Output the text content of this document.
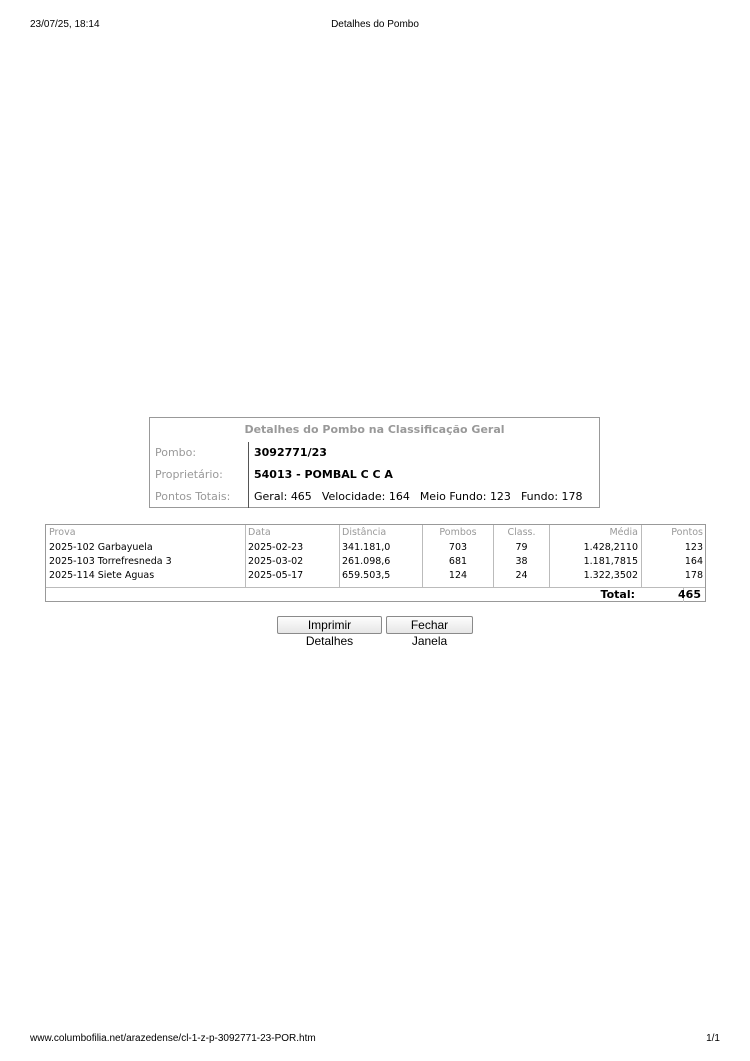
23/07/25, 18:14	Detalhes do Pombo
Detalhes do Pombo na Classificação Geral
Pombo:	3092771/23
Proprietário:	54013 - POMBAL C C A
Pontos Totais: Geral: 465 Velocidade: 164 Meio Fundo: 123 Fundo: 178
Prova	Data	Distância	Pombos	Class.	Média	Pontos
2025-102 Garbayuela	2025-02-23	341.181,0	703	79	1.428,2110	123
2025-103 Torrefresneda 3	2025-03-02	261.098,6	681	38	1.181,7815	164
2025-114 Siete Aguas	2025-05-17	659.503,5	124	24	1.322,3502	178
Total:	465
Imprimir Detalhes
Fechar Janela
www.columbofilia.net/arazedense/cl-1-z-p-3092771-23-POR.htm	1/1
